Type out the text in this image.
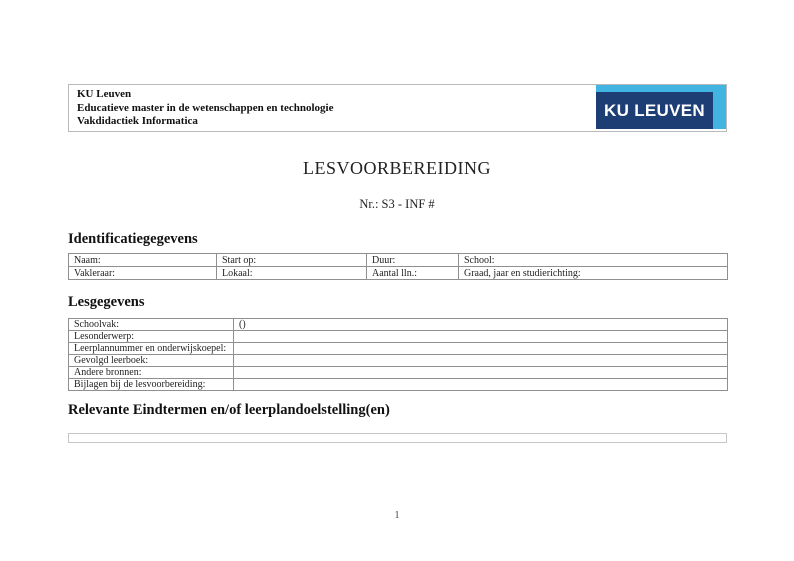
KU Leuven
Educatieve master in de wetenschappen en technologie
Vakdidactiek Informatica
KU LEUVEN
LESVOORBEREIDING
Nr.: S3 - INF #
Identificatiegegevens
Naam:	Start op:	Duur:	School:
Vakleraar:	Lokaal:	Aantal lln.:	Graad, jaar en studierichting:
Lesgegevens
Schoolvak:	()
Lesonderwerp:	
Leerplannummer en onderwijskoepel:	
Gevolgd leerboek:	
Andere bronnen:	
Bijlagen bij de lesvoorbereiding:	
Relevante Eindtermen en/of leerplandoelstelling(en)
1
